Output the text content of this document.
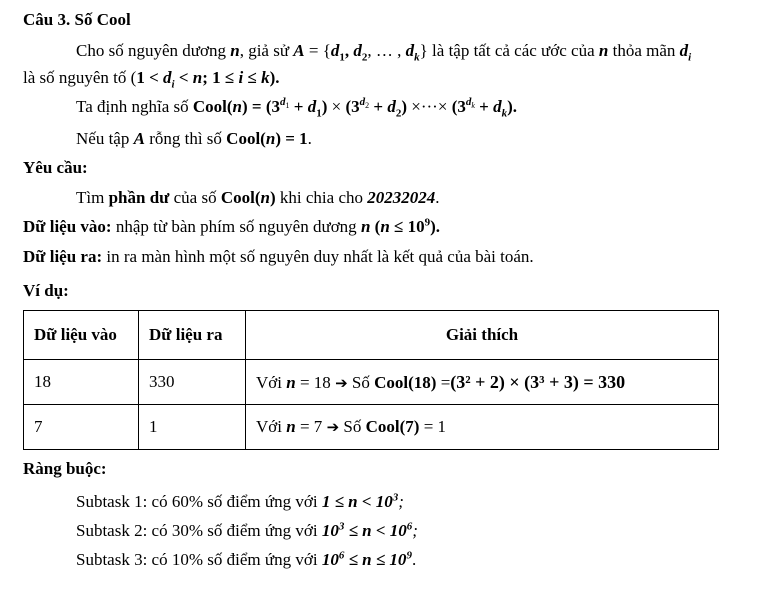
Câu 3. Số Cool
Cho số nguyên dương n, giả sử $A = \{d_1$, $d_2$, … , $d_k$} là tập tất cả các ước của n thỏa mãn $d_i$
là số nguyên tố ($1 < d_i < n$; 1 ≤ i ≤ k).
Ta định nghĩa số Cool(n) = $(3^{d_1} + d_1) \times (3^{d_2} + d_2)$ ×···× $(3^{d_k} + d_k)$.
Nếu tập A rỗng thì số Cool(n) = 1.
Yêu cầu:
Tìm phần dư của số Cool(n) khi chia cho 20232024.
Dữ liệu vào: nhập từ bàn phím số nguyên dương n $(n \le 10^9)$.
Dữ liệu ra: in ra màn hình một số nguyên duy nhất là kết quả của bài toán.
Ví dụ:
Dữ liệu vào	Dữ liệu ra	Giải thích
18	330	Với n = 18 ➔ Số Cool(18) =(3² + 2) × (3³ + 3) = 330
7	1	Với n = 7 ➔ Số Cool(7) = 1
Ràng buộc:
Subtask 1: có 60% số điểm ứng với $1 \le n < 10^3$;
Subtask 2: có 30% số điểm ứng với $10^3 \le n < 10^6$;
Subtask 3: có 10% số điểm ứng với $10^6 \le n \le 10^9$.
